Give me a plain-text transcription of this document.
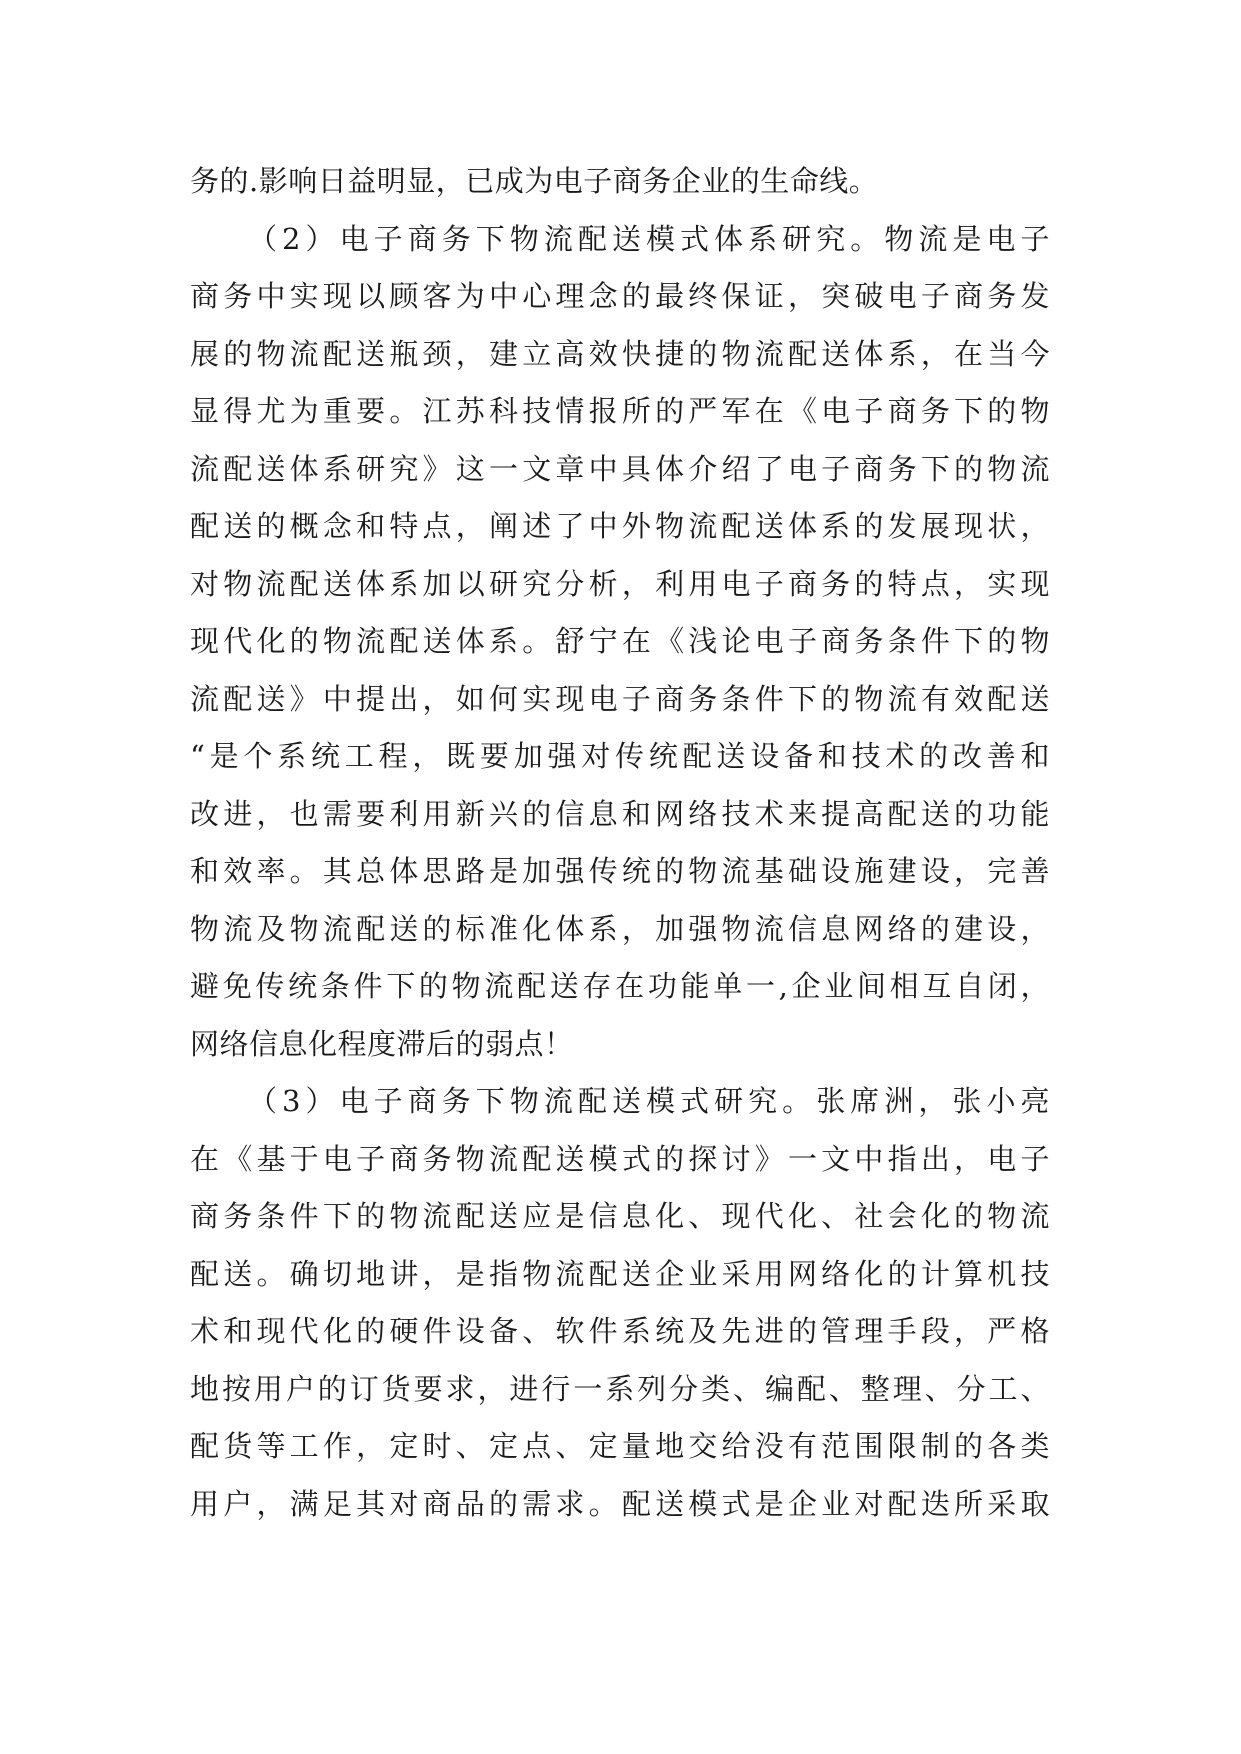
务的.影响日益明显，已成为电子商务企业的生命线。
（2）电子商务下物流配送模式体系研究。物流是电子
商务中实现以顾客为中心理念的最终保证，突破电子商务发
展的物流配送瓶颈，建立高效快捷的物流配送体系，在当今
显得尤为重要。江苏科技情报所的严军在《电子商务下的物
流配送体系研究》这一文章中具体介绍了电子商务下的物流
配送的概念和特点，阐述了中外物流配送体系的发展现状，
对物流配送体系加以研究分析，利用电子商务的特点，实现
现代化的物流配送体系。舒宁在《浅论电子商务条件下的物
流配送》中提出，如何实现电子商务条件下的物流有效配送
“是个系统工程，既要加强对传统配送设备和技术的改善和
改进，也需要利用新兴的信息和网络技术来提高配送的功能
和效率。其总体思路是加强传统的物流基础设施建设，完善
物流及物流配送的标准化体系，加强物流信息网络的建设，
避免传统条件下的物流配送存在功能单一,企业间相互自闭，
网络信息化程度滞后的弱点！
（3）电子商务下物流配送模式研究。张席洲，张小亮
在《基于电子商务物流配送模式的探讨》一文中指出，电子
商务条件下的物流配送应是信息化、现代化、社会化的物流
配送。确切地讲，是指物流配送企业采用网络化的计算机技
术和现代化的硬件设备、软件系统及先进的管理手段，严格
地按用户的订货要求，进行一系列分类、编配、整理、分工、
配货等工作，定时、定点、定量地交给没有范围限制的各类
用户，满足其对商品的需求。配送模式是企业对配迭所采取
